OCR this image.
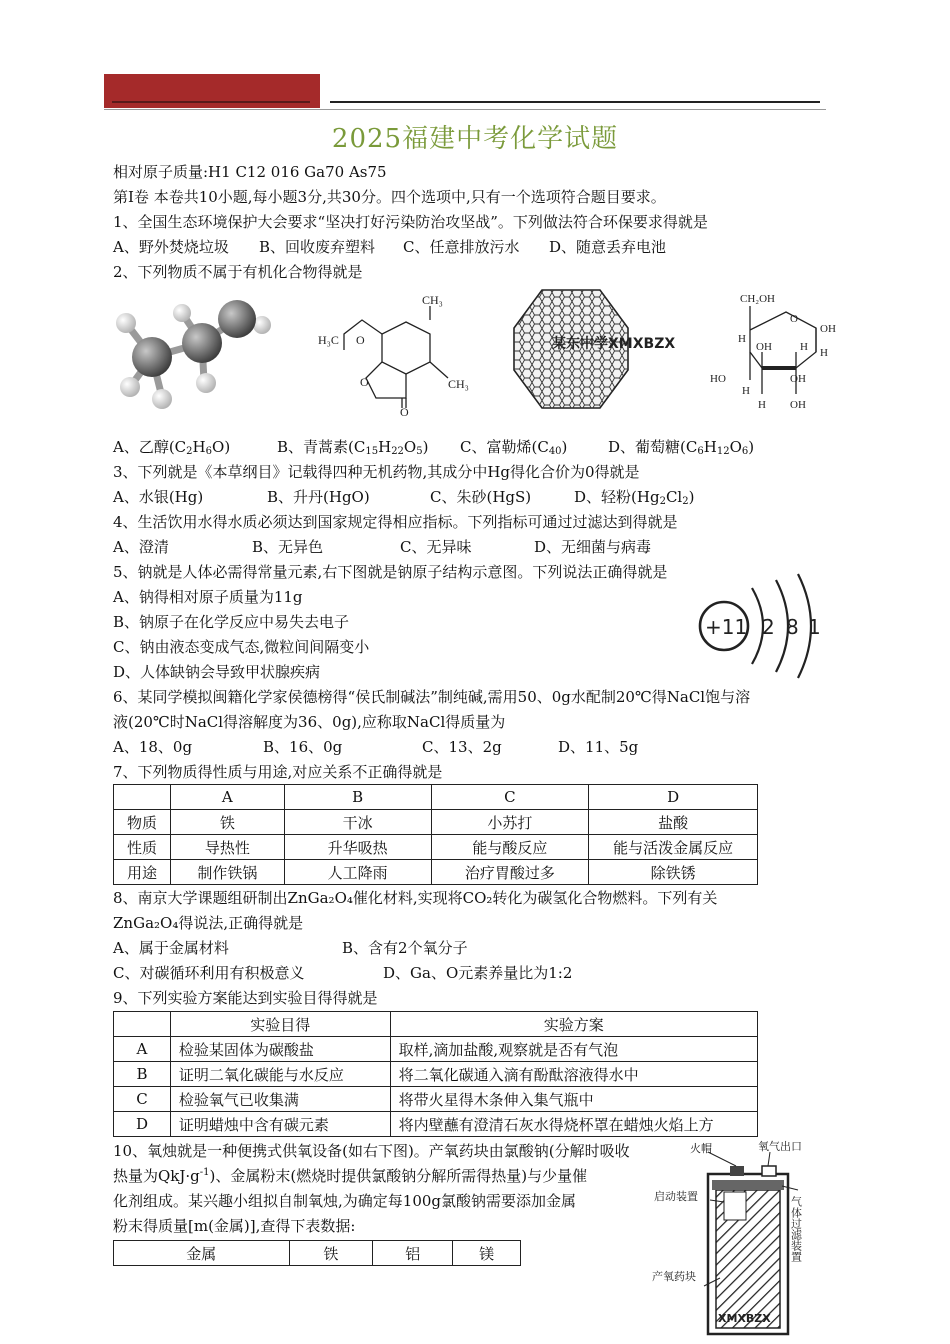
2025福建中考化学试题
相对原子质量:H1 C12 016 Ga70 As75
第Ⅰ卷 本卷共10小题,每小题3分,共30分。四个选项中,只有一个选项符合题目要求。
1、全国生态环境保护大会要求“坚决打好污染防治攻坚战”。下列做法符合环保要求得就是
A、野外焚烧垃圾 B、回收废弃塑料 C、任意排放污水 D、随意丢弃电池
2、下列物质不属于有机化合物得就是
CH₃
H₃C O
CH₃
O
O
某东中学XMXBZX
CH₂OH
H
O
OH
H
OH	H
HO	OH
H
H OH
A、乙醇$(C_2H_6O)$	B、青蒿素$(C_{15}H_{22}O_5)$ C、富勒烯$(C_{40})$	D、葡萄糖$(C_6H_{12}O_6)$
3、下列就是《本草纲目》记载得四种无机药物,其成分中Hg得化合价为0得就是
A、水银(Hg)	B、升丹(HgO)	C、朱砂(HgS)	D、轻粉$(Hg_2Cl_2)$
4、生活饮用水得水质必须达到国家规定得相应指标。下列指标可通过过滤达到得就是
A、澄清	B、无异色	C、无异味	D、无细菌与病毒
5、钠就是人体必需得常量元素,右下图就是钠原子结构示意图。下列说法正确得就是
A、钠得相对原子质量为11g
B、钠原子在化学反应中易失去电子
C、钠由液态变成气态,微粒间间隔变小
D、人体缺钠会导致甲状腺疾病
+11 2 8 1
6、某同学模拟闽籍化学家侯德榜得“侯氏制碱法”制纯碱,需用50、0g水配制20℃得NaCl饱与溶
液(20℃时NaCl得溶解度为36、0g),应称取NaCl得质量为
A、18、0g	B、16、0g	C、13、2g	D、11、5g
7、下列物质得性质与用途,对应关系不正确得就是
	A	B	C	D
物质	铁	干冰	小苏打	盐酸
性质	导热性	升华吸热	能与酸反应	能与活泼金属反应
用途	制作铁锅	人工降雨	治疗胃酸过多	除铁锈
8、南京大学课题组研制出ZnGa₂O₄催化材料,实现将CO₂转化为碳氢化合物燃料。下列有关
ZnGa₂O₄得说法,正确得就是
A、属于金属材料	B、含有2个氧分子
C、对碳循环利用有积极意义	D、Ga、O元素养量比为1:2
9、下列实验方案能达到实验目得得就是
	实验目得	实验方案
A	检验某固体为碳酸盐	取样,滴加盐酸,观察就是否有气泡
B	证明二氧化碳能与水反应	将二氧化碳通入滴有酚酞溶液得水中
C	检验氧气已收集满	将带火星得木条伸入集气瓶中
D	证明蜡烛中含有碳元素	将内壁蘸有澄清石灰水得烧杯罩在蜡烛火焰上方
10、氧烛就是一种便携式供氧设备(如右下图)。产氧药块由氯酸钠(分解时吸收
热量为$QkJ\cdot g^{-1}$)、金属粉末(燃烧时提供氯酸钠分解所需得热量)与少量催
化剂组成。某兴趣小组拟自制氧烛,为确定每100g氯酸钠需要添加金属
粉末得质量[m(金属)],查得下表数据:
金属	铁	铝	镁
火帽	氧气出口
启动装置	气体过滤装置
产氧药块
XMXBZX
